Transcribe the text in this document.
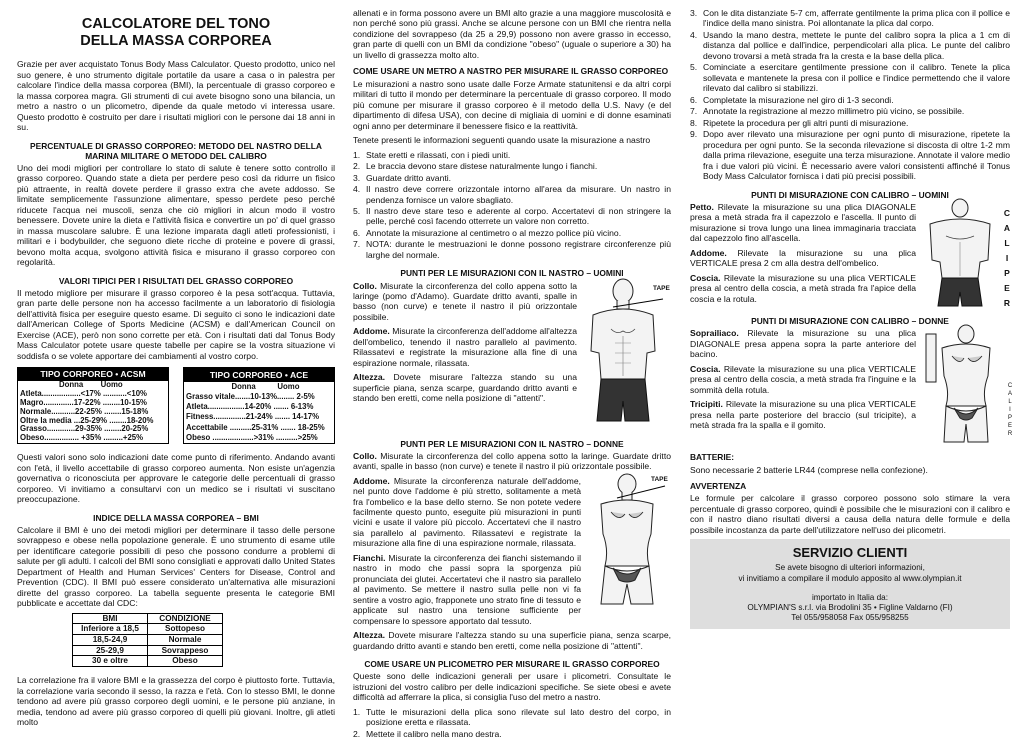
CALCOLATORE DEL TONO
DELLA MASSA CORPOREA

Grazie per aver acquistato Tonus Body Mass Calculator. Questo prodotto, unico nel suo genere, è uno strumento digitale portatile da usare a casa o in palestra per calcolare l'indice della massa corporea (BMI), la percentuale di grasso corporeo e la massa corporea magra. Gli strumenti di cui avete bisogno sono una bilancia, un metro a nastro o un plicometro, dipende da quale metodo vi interessa usare. Questo prodotto è costruito per dare i risultati migliori con le persone dai 18 anni in su.

PERCENTUALE DI GRASSO CORPOREO: METODO DEL NASTRO DELLA MARINA MILITARE O METODO DEL CALIBRO

Uno dei modi migliori per controllare lo stato di salute è tenere sotto controllo il grasso corporeo. Quando state a dieta per perdere peso così da ridurre un fisico più attraente, in realtà dovete perdere il grasso extra che avete addosso. Se limitate semplicemente l'assunzione alimentare, spesso perdete peso perché riducete l'acqua nei muscoli, senza che ciò migliori in alcun modo il vostro benessere. Dovete unire la dieta e l'attività fisica e convertire un po' di quel grasso in massa muscolare salubre. È una lezione imparata dagli atleti professionisti, i militari e i bodybuilder, che seguono diete ricche di proteine e povere di grassi, bevono molta acqua, svolgono attività fisica e misurano il grasso corporeo con regolarità.

VALORI TIPICI PER I RISULTATI DEL GRASSO CORPOREO

Il metodo migliore per misurare il grasso corporeo è la pesa sott'acqua. Tuttavia, gran parte delle persone non ha accesso facilmente a un laboratorio di fisiologia dell'attività fisica per eseguire questo esame. Di seguito ci sono le indicazioni date dall'American College of Sports Medicine (ACSM) e dall'American Council on Exercise (ACE), però non sono corrette per età. Con i risultati dati dal Tonus Body Mass Calculator potete usare queste tabelle per capire se la vostra situazione vi soddisfa o se volete apportare dei cambiamenti al vostro corpo.

TIPO CORPOREO • ACSM
Donna        Uomo
Atleta..................<17% ...........<10%
Magro..............17-22% ........10-15%
Normale...........22-25% ........15-18%
Oltre la media ...25-29% ........18-20%
Grasso.............29-35% ........20-25%
Obeso................ +35% .........+25%
TIPO CORPOREO • ACE
Donna          Uomo
Grasso vitale.......10-13%........ 2-5%
Atleta.................14-20% ....... 6-13%
Fitness...............21-24% ....... 14-17%
Accettabile ..........25-31% ....... 18-25%
Obeso ...................>31% ..........>25%

Questi valori sono solo indicazioni date come punto di riferimento. Andando avanti con l'età, il livello accettabile di grasso corporeo aumenta. Non esiste un'agenzia governativa o riconosciuta per approvare le categorie delle percentuali di grasso corporeo. Vi invitiamo a consultarvi con un medico se i risultati vi suscitano preoccupazione.

INDICE DELLA MASSA CORPOREA – BMI

Calcolare il BMI è uno dei metodi migliori per determinare il tasso delle persone sovrappeso e obese nella popolazione generale. È uno strumento di esame utile per identificare categorie possibili di peso che possono condurre a problemi di salute per gli adulti. I calcoli del BMI sono consigliati e approvati dallo United States Department of Health and Human Services' Centers for Disease, Control and Prevention (CDC). Il BMI può essere considerato un'alternativa alle misurazioni dirette del grasso corporeo. La tabella seguente presenta le categorie BMI pubblicate e accettate dal CDC:

BMI	CONDIZIONE
Inferiore a 18,5	Sottopeso
18,5-24,9	Normale
25-29,9	Sovrappeso
30 e oltre	Obeso

La correlazione fra il valore BMI e la grassezza del corpo è piuttosto forte. Tuttavia, la correlazione varia secondo il sesso, la razza e l'età. Con lo stesso BMI, le donne tendono ad avere più grasso corporeo degli uomini, e le persone più anziane, in media, tendono ad avere più grasso corporeo di quelli più giovani. Inoltre, gli atleti molto

allenati e in forma possono avere un BMI alto grazie a una maggiore muscolosità e non perché sono più grassi. Anche se alcune persone con un BMI che rientra nella condizione del sovrappeso (da 25 a 29,9) possono non avere grasso in eccesso, gran parte di quelli con un BMI da condizione "obeso" (uguale o superiore a 30) ha un livello di grassezza molto alto.

COME USARE UN METRO A NASTRO PER MISURARE IL GRASSO CORPOREO

Le misurazioni a nastro sono usate dalle Forze Armate statunitensi e da altri corpi militari di tutto il mondo per determinare la percentuale di grasso corporeo. Il modo più comune per misurare il grasso corporeo è il metodo della U.S. Navy (e del dipartimento di difesa USA), con decine di migliaia di uomini e di donne esaminati ogni anno per determinare il benessere fisico e la reattività.

Tenete presenti le informazioni seguenti quando usate la misurazione a nastro

1. State eretti e rilassati, con i piedi uniti.
2. Le braccia devono stare distese naturalmente lungo i fianchi.
3. Guardate dritto avanti.
4. Il nastro deve correre orizzontale intorno all'area da misurare. Un nastro in pendenza fornisce un valore sbagliato.
5. Il nastro deve stare teso e aderente al corpo. Accertatevi di non stringere la pelle, perché così facendo otterrete un valore non corretto.
6. Annotate la misurazione al centimetro o al mezzo pollice più vicino.
7. NOTA: durante le mestruazioni le donne possono registrare circonferenze più larghe del normale.
PUNTI PER LE MISURAZIONI CON IL NASTRO – UOMINI
TAPE

Collo. Misurate la circonferenza del collo appena sotto la laringe (pomo d'Adamo). Guardate dritto avanti, spalle in basso (non curve) e tenete il nastro il più orizzontale possibile.

Addome. Misurate la circonferenza dell'addome all'altezza dell'ombelico, tenendo il nastro parallelo al pavimento. Rilassatevi e registrate la misurazione alla fine di una espirazione normale, rilassata.

Altezza. Dovete misurare l'altezza stando su una superficie piana, senza scarpe, guardando dritto avanti e stando ben eretti, come nella posizione di "attenti".

PUNTI PER LE MISURAZIONI CON IL NASTRO – DONNE

Collo. Misurate la circonferenza del collo appena sotto la laringe. Guardate dritto avanti, spalle in basso (non curve) e tenete il nastro il più orizzontale possibile.

TAPE

Addome. Misurate la circonferenza naturale dell'addome, nel punto dove l'addome è più stretto, solitamente a metà fra l'ombelico e la base dello sterno. Se non potete vedere facilmente questo punto, eseguite più misurazioni in punti vicini e usate il valore più piccolo. Accertatevi che il nastro sia parallelo al pavimento. Rilassatevi e registrate la misurazione alla fine di una espirazione normale, rilassata.

Fianchi. Misurate la circonferenza dei fianchi sistemando il nastro in modo che passi sopra la sporgenza più pronunciata dei glutei. Accertatevi che il nastro sia parallelo al pavimento. Se mettere il nastro sulla pelle non vi fa sentire a vostro agio, frapponete uno strato fine di tessuto e applicate sul nastro una tensione sufficiente per compensare lo spessore apportato dal tessuto.

Altezza. Dovete misurare l'altezza stando su una superficie piana, senza scarpe, guardando dritto avanti e stando ben eretti, come nella posizione di "attenti".

COME USARE UN PLICOMETRO PER MISURARE IL GRASSO CORPOREO

Queste sono delle indicazioni generali per usare i plicometri. Consultate le istruzioni del vostro calibro per delle indicazioni specifiche. Se siete obesi e avete difficoltà ad afferrare la plica, si consiglia l'uso del metro a nastro.

1. Tutte le misurazioni della plica sono rilevate sul lato destro del corpo, in posizione eretta e rilassata.
2. Mettete il calibro nella mano destra.
3. Con le dita distanziate 5-7 cm, afferrate gentilmente la prima plica con il pollice e l'indice della mano sinistra. Poi allontanate la plica dal corpo.
4. Usando la mano destra, mettete le punte del calibro sopra la plica a 1 cm di distanza dal pollice e dall'indice, perpendicolari alla plica. Le punte del calibro devono trovarsi a metà strada fra la cresta e la base della plica.
5. Cominciate a esercitare gentilmente pressione con il calibro. Tenete la plica sollevata e mantenete la presa con il pollice e l'indice permettendo che il valore rilevato dal calibro si stabilizzi.
6. Completate la misurazione nel giro di 1-3 secondi.
7. Annotate la registrazione al mezzo millimetro più vicino, se possibile.
8. Ripetete la procedura per gli altri punti di misurazione.
9. Dopo aver rilevato una misurazione per ogni punto di misurazione, ripetete la procedura per ogni punto. Se la seconda rilevazione si discosta di oltre 1-2 mm dalla prima rilevazione, eseguite una terza misurazione. Annotate il valore medio fra i due valori più vicini. È necessario avere valori consistenti affinché il Tonus Body Mass Calculator fornisca i dati più precisi possibili.
PUNTI DI MISURAZIONE CON CALIBRO – UOMINI
C
A
L
I
P
E
R

Petto. Rilevate la misurazione su una plica DIAGONALE presa a metà strada fra il capezzolo e l'ascella. Il punto di misurazione si trova lungo una linea immaginaria tracciata dal capezzolo fino all'ascella.

Addome. Rilevate la misurazione su una plica VERTICALE presa 2 cm alla destra dell'ombelico.

Coscia. Rilevate la misurazione su una plica VERTICALE presa al centro della coscia, a metà strada fra l'apice della coscia e la rotula.

PUNTI DI MISURAZIONE CON CALIBRO – DONNE
C
A
L
I
P
E
R

Soprailiaco. Rilevate la misurazione su una plica DIAGONALE presa appena sopra la parte anteriore del bacino.

Coscia. Rilevate la misurazione su una plica VERTICALE presa al centro della coscia, a metà strada fra l'inguine e la sommità della rotula.

Tricipiti. Rilevate la misurazione su una plica VERTICALE presa nella parte posteriore del braccio (sul tricipite), a metà strada fra la spalla e il gomito.

BATTERIE:

Sono necessarie 2 batterie LR44 (comprese nella confezione).

AVVERTENZA

Le formule per calcolare il grasso corporeo possono solo stimare la vera percentuale di grasso corporeo, quindi è possibile che le misurazioni con il calibro e con il nastro diano risultati diversi a causa della natura delle formule e della possibile incostanza da parte dell'utilizzatore nell'uso dei plicometri.

SERVIZIO CLIENTI
Se avete bisogno di ulteriori informazioni,
vi invitiamo a compilare il modulo apposito al www.olympian.it
importato in Italia da:
OLYMPIAN'S s.r.l. via Brodolini 35 • Figline Valdarno (FI)
Tel 055/958058 Fax 055/958255
